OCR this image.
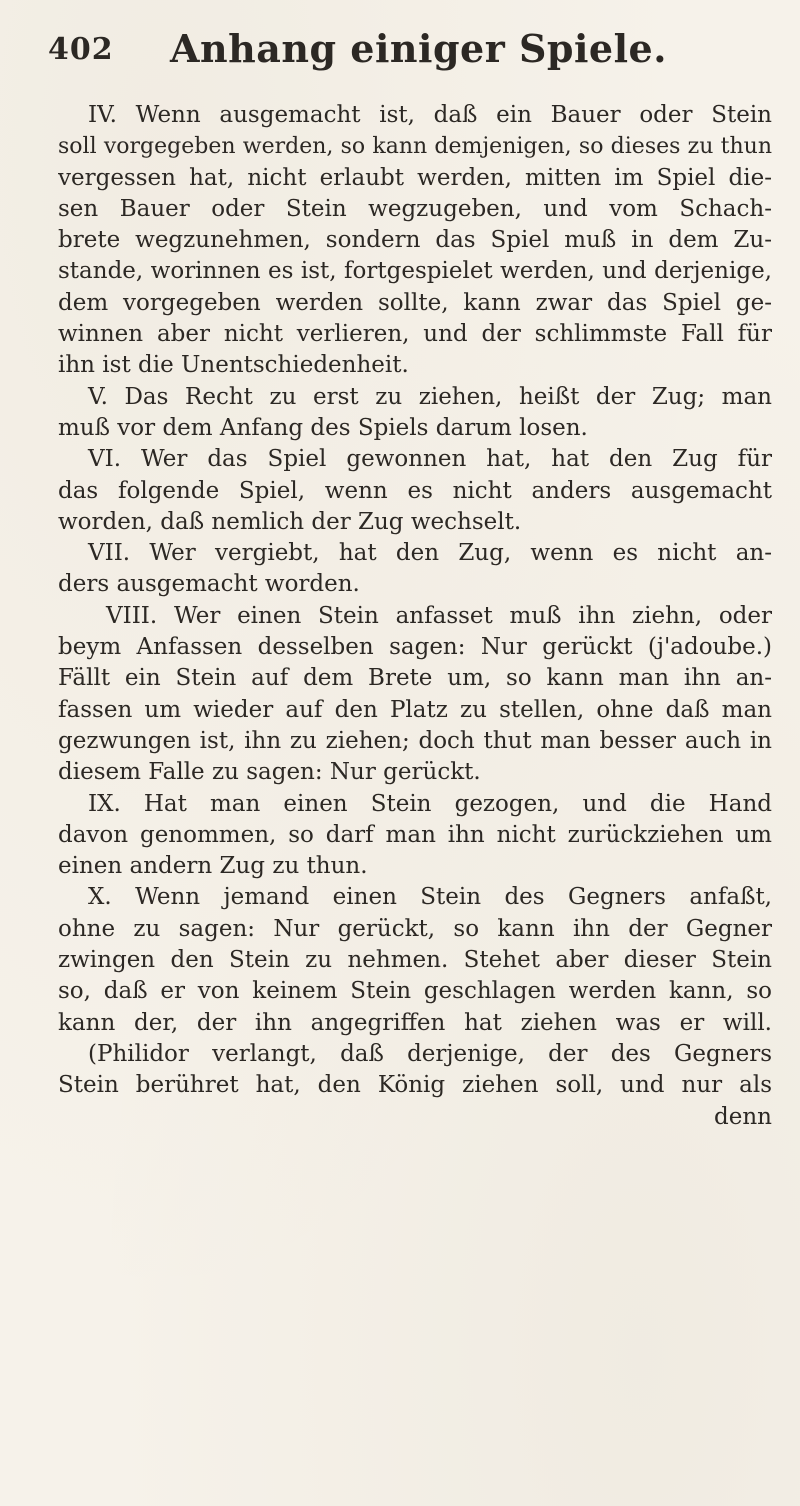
402 Anhang einiger Spiele.
IV. Wenn ausgemacht ist, daß ein Bauer oder Stein
soll vorgegeben werden, so kann demjenigen, so dieses zu thun
vergessen hat, nicht erlaubt werden, mitten im Spiel die-
sen Bauer oder Stein wegzugeben, und vom Schach-
brete wegzunehmen, sondern das Spiel muß in dem Zu-
stande, worinnen es ist, fortgespielet werden, und derjenige,
dem vorgegeben werden sollte, kann zwar das Spiel ge-
winnen aber nicht verlieren, und der schlimmste Fall für
ihn ist die Unentschiedenheit.
V. Das Recht zu erst zu ziehen, heißt der Zug; man
muß vor dem Anfang des Spiels darum losen.
VI. Wer das Spiel gewonnen hat, hat den Zug für
das folgende Spiel, wenn es nicht anders ausgemacht
worden, daß nemlich der Zug wechselt.
VII. Wer vergiebt, hat den Zug, wenn es nicht an-
ders ausgemacht worden.
VIII. Wer einen Stein anfasset muß ihn ziehn, oder
beym Anfassen desselben sagen: Nur gerückt (j'adoube.)
Fällt ein Stein auf dem Brete um, so kann man ihn an-
fassen um wieder auf den Platz zu stellen, ohne daß man
gezwungen ist, ihn zu ziehen; doch thut man besser auch in
diesem Falle zu sagen: Nur gerückt.
IX. Hat man einen Stein gezogen, und die Hand
davon genommen, so darf man ihn nicht zurückziehen um
einen andern Zug zu thun.
X. Wenn jemand einen Stein des Gegners anfaßt,
ohne zu sagen: Nur gerückt, so kann ihn der Gegner
zwingen den Stein zu nehmen. Stehet aber dieser Stein
so, daß er von keinem Stein geschlagen werden kann, so
kann der, der ihn angegriffen hat ziehen was er will.
(Philidor verlangt, daß derjenige, der des Gegners
Stein berühret hat, den König ziehen soll, und nur als
denn
